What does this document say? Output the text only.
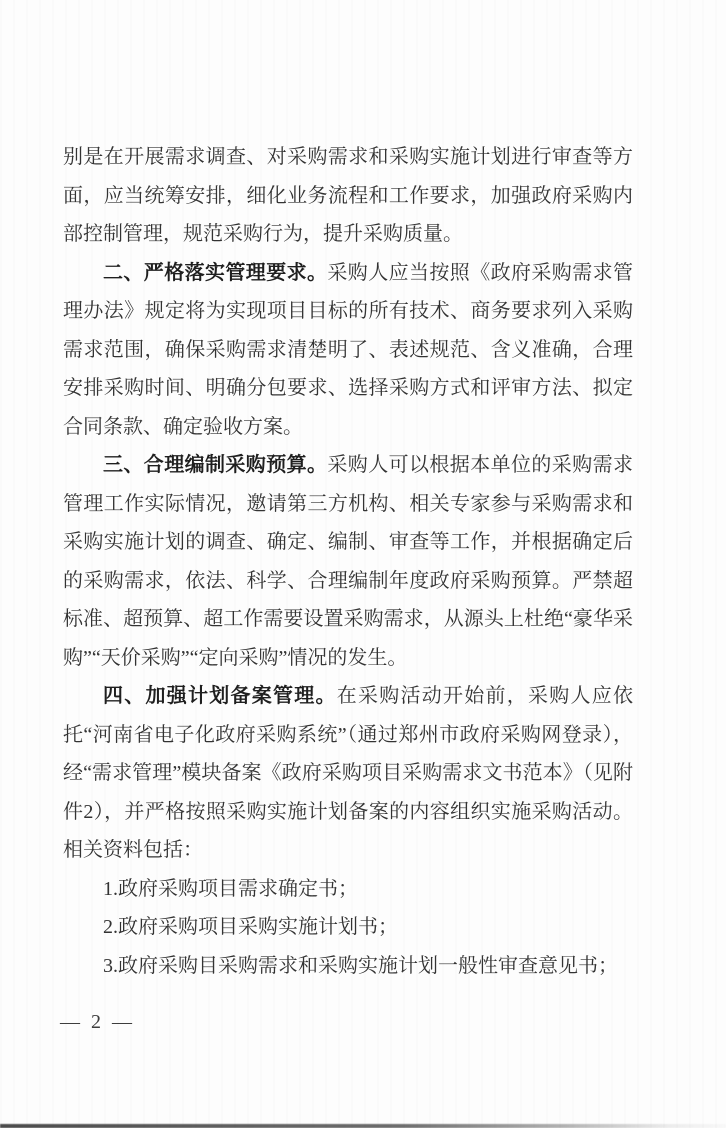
别是在开展需求调查、对采购需求和采购实施计划进行审查等方面，应当统筹安排，细化业务流程和工作要求，加强政府采购内部控制管理，规范采购行为，提升采购质量。

二、严格落实管理要求。采购人应当按照《政府采购需求管理办法》规定将为实现项目目标的所有技术、商务要求列入采购需求范围，确保采购需求清楚明了、表述规范、含义准确，合理安排采购时间、明确分包要求、选择采购方式和评审方法、拟定合同条款、确定验收方案。

三、合理编制采购预算。采购人可以根据本单位的采购需求管理工作实际情况，邀请第三方机构、相关专家参与采购需求和采购实施计划的调查、确定、编制、审查等工作，并根据确定后的采购需求，依法、科学、合理编制年度政府采购预算。严禁超标准、超预算、超工作需要设置采购需求，从源头上杜绝“豪华采购”“天价采购”“定向采购”情况的发生。

四、加强计划备案管理。在采购活动开始前，采购人应依托“河南省电子化政府采购系统”（通过郑州市政府采购网登录），经“需求管理”模块备案《政府采购项目采购需求文书范本》（见附件2），并严格按照采购实施计划备案的内容组织实施采购活动。相关资料包括：

1.政府采购项目需求确定书；

2.政府采购项目采购实施计划书；

3.政府采购目采购需求和采购实施计划一般性审查意见书；

— 2 —
